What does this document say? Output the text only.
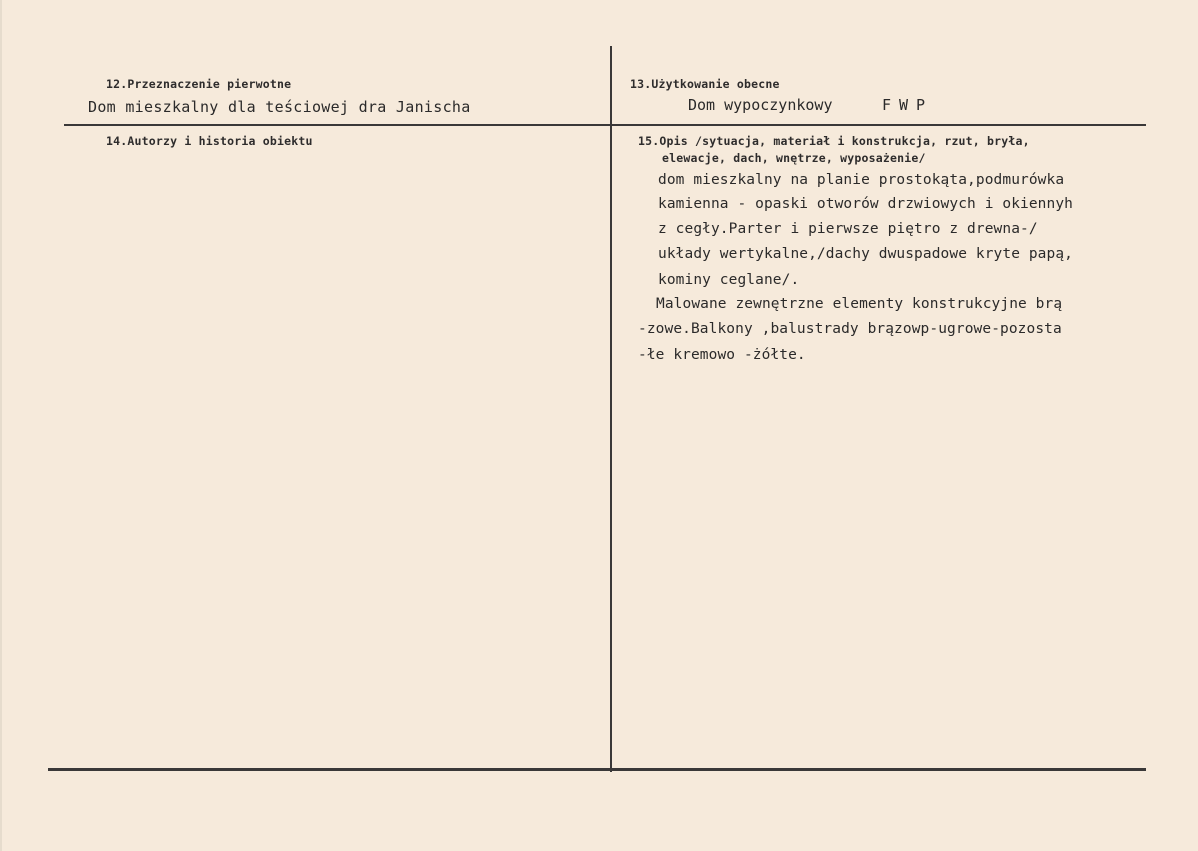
12.Przeznaczenie pierwotne
Dom mieszkalny dla teściowej dra Janischa
13.Użytkowanie obecne
Dom wypoczynkowy	FWP
14.Autorzy i historia obiektu	15.Opis /sytuacja, materiał i konstrukcja, rzut, bryła,
elewacje, dach, wnętrze, wyposażenie/
dom mieszkalny na planie prostokąta,podmurówka
kamienna - opaski otworów drzwiowych i okiennyh
z cegły.Parter i pierwsze piętro z drewna-/
układy wertykalne,/dachy dwuspadowe kryte papą,
kominy ceglane/.
Malowane zewnętrzne elementy konstrukcyjne brą
-zowe.Balkony ,balustrady brązowp-ugrowe-pozosta
-łe kremowo -żółte.
